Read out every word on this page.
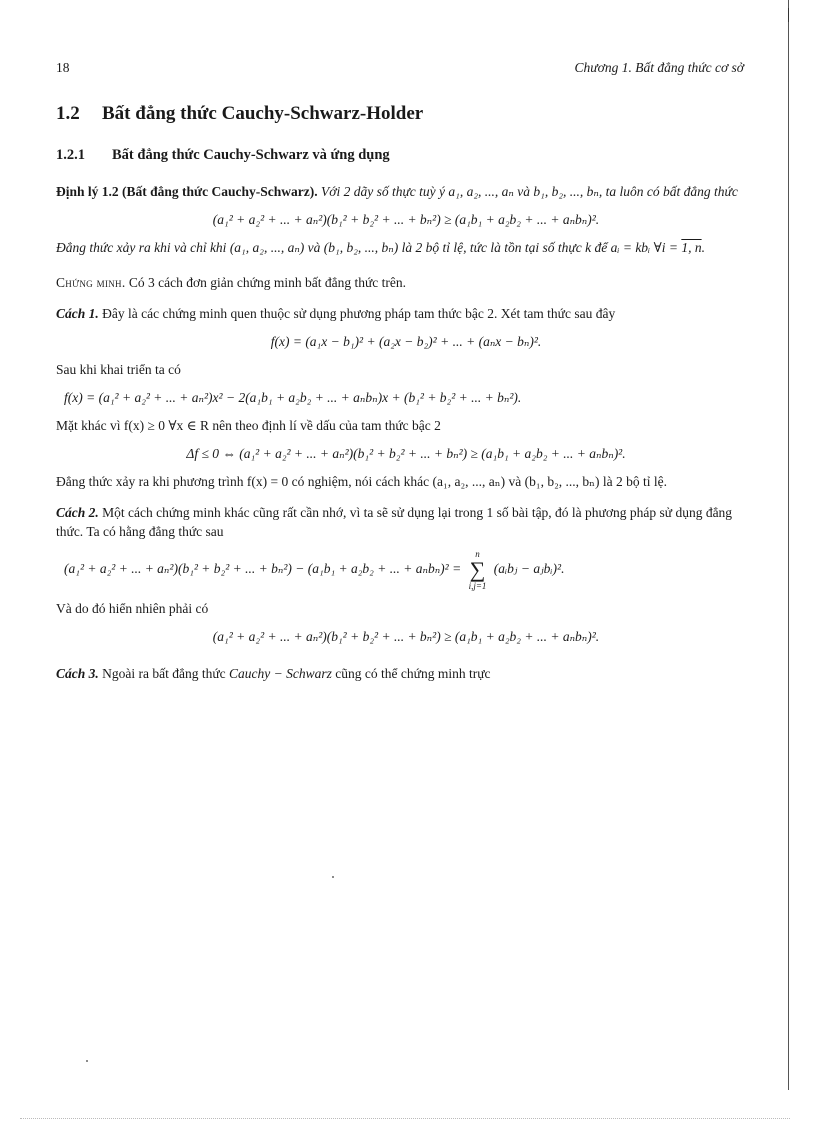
18	Chương 1. Bất đẳng thức cơ sở
1.2 Bất đẳng thức Cauchy-Schwarz-Holder
1.2.1 Bất đẳng thức Cauchy-Schwarz và ứng dụng

Định lý 1.2 (Bất đẳng thức Cauchy-Schwarz). Với 2 dãy số thực tuỳ ý a₁, a₂, ..., aₙ và b₁, b₂, ..., bₙ, ta luôn có bất đẳng thức

(a₁² + a₂² + ... + aₙ²)(b₁² + b₂² + ... + bₙ²) ≥ (a₁b₁ + a₂b₂ + ... + aₙbₙ)².

Đẳng thức xảy ra khi và chỉ khi (a₁, a₂, ..., aₙ) và (b₁, b₂, ..., bₙ) là 2 bộ tỉ lệ, tức là tồn tại số thực k để aᵢ = kbᵢ ∀i = 1, n.

Chứng minh. Có 3 cách đơn giản chứng minh bất đẳng thức trên.

Cách 1. Đây là các chứng minh quen thuộc sử dụng phương pháp tam thức bậc 2. Xét tam thức sau đây

f(x) = (a₁x − b₁)² + (a₂x − b₂)² + ... + (aₙx − bₙ)².

Sau khi khai triển ta có

f(x) = (a₁² + a₂² + ... + aₙ²)x² − 2(a₁b₁ + a₂b₂ + ... + aₙbₙ)x + (b₁² + b₂² + ... + bₙ²).

Mặt khác vì f(x) ≥ 0 ∀x ∈ R nên theo định lí về dấu của tam thức bậc 2

Δf ≤ 0 ⇔ (a₁² + a₂² + ... + aₙ²)(b₁² + b₂² + ... + bₙ²) ≥ (a₁b₁ + a₂b₂ + ... + aₙbₙ)².

Đẳng thức xảy ra khi phương trình f(x) = 0 có nghiệm, nói cách khác (a₁, a₂, ..., aₙ) và (b₁, b₂, ..., bₙ) là 2 bộ tỉ lệ.

Cách 2. Một cách chứng minh khác cũng rất cần nhớ, vì ta sẽ sử dụng lại trong 1 số bài tập, đó là phương pháp sử dụng đẳng thức. Ta có hằng đẳng thức sau

(a₁² + a₂² + ... + aₙ²)(b₁² + b₂² + ... + bₙ²) − (a₁b₁ + a₂b₂ + ... + aₙbₙ)² =
n
∑
i,j=1
(aᵢbⱼ − aⱼbᵢ)².

Và do đó hiển nhiên phải có

(a₁² + a₂² + ... + aₙ²)(b₁² + b₂² + ... + bₙ²) ≥ (a₁b₁ + a₂b₂ + ... + aₙbₙ)².

Cách 3. Ngoài ra bất đẳng thức Cauchy − Schwarz cũng có thể chứng minh trực
